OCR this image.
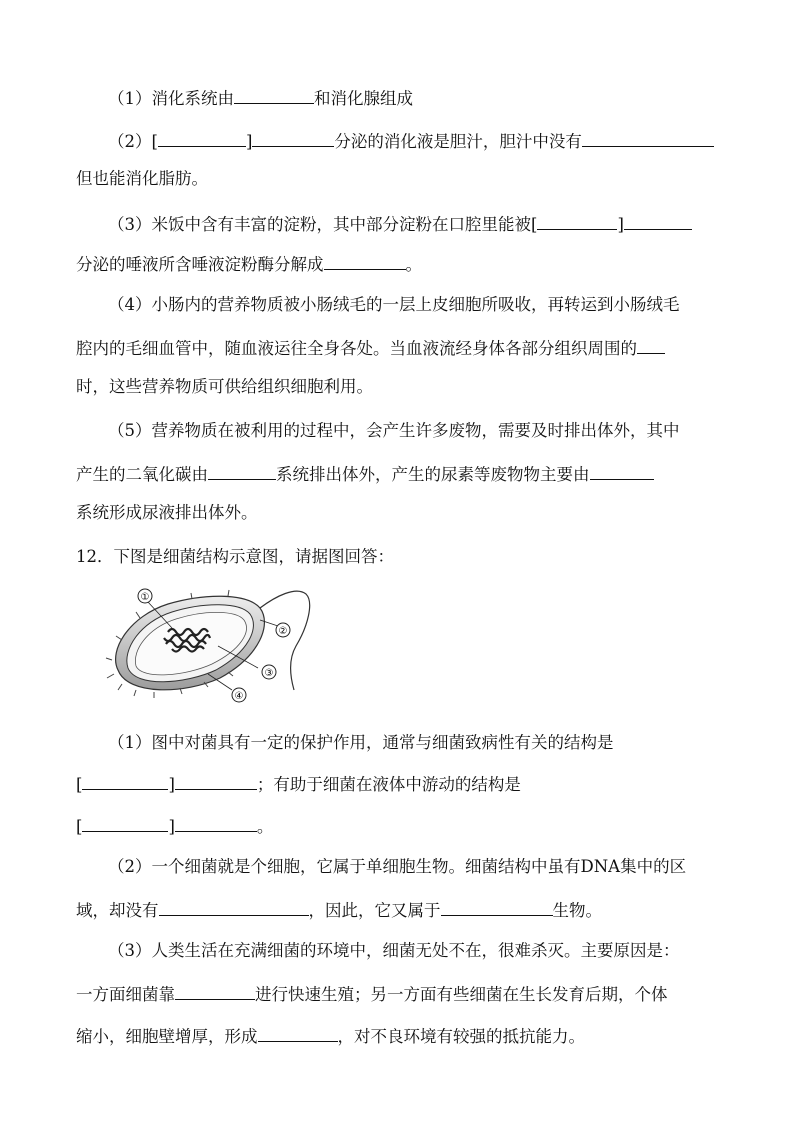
（1）消化系统由	和消化腺组成
（2）[	]	分泌的消化液是胆汁，胆汁中没有
但也能消化脂肪。
（3）米饭中含有丰富的淀粉，其中部分淀粉在口腔里能被[	]
分泌的唾液所含唾液淀粉酶分解成	。
（4）小肠内的营养物质被小肠绒毛的一层上皮细胞所吸收，再转运到小肠绒毛
腔内的毛细血管中，随血液运往全身各处。当血液流经身体各部分组织周围的
时，这些营养物质可供给组织细胞利用。
（5）营养物质在被利用的过程中，会产生许多废物，需要及时排出体外，其中
产生的二氧化碳由	系统排出体外，产生的尿素等废物物主要由
系统形成尿液排出体外。
12．下图是细菌结构示意图，请据图回答：
①
②
③
④
（1）图中对菌具有一定的保护作用，通常与细菌致病性有关的结构是
[	]	；有助于细菌在液体中游动的结构是
[	]	。
（2）一个细菌就是个细胞，它属于单细胞生物。细菌结构中虽有DNA集中的区
域，却没有	，因此，它又属于	生物。
（3）人类生活在充满细菌的环境中，细菌无处不在，很难杀灭。主要原因是：
一方面细菌靠	进行快速生殖；另一方面有些细菌在生长发育后期，个体
缩小，细胞壁增厚，形成	，对不良环境有较强的抵抗能力。
